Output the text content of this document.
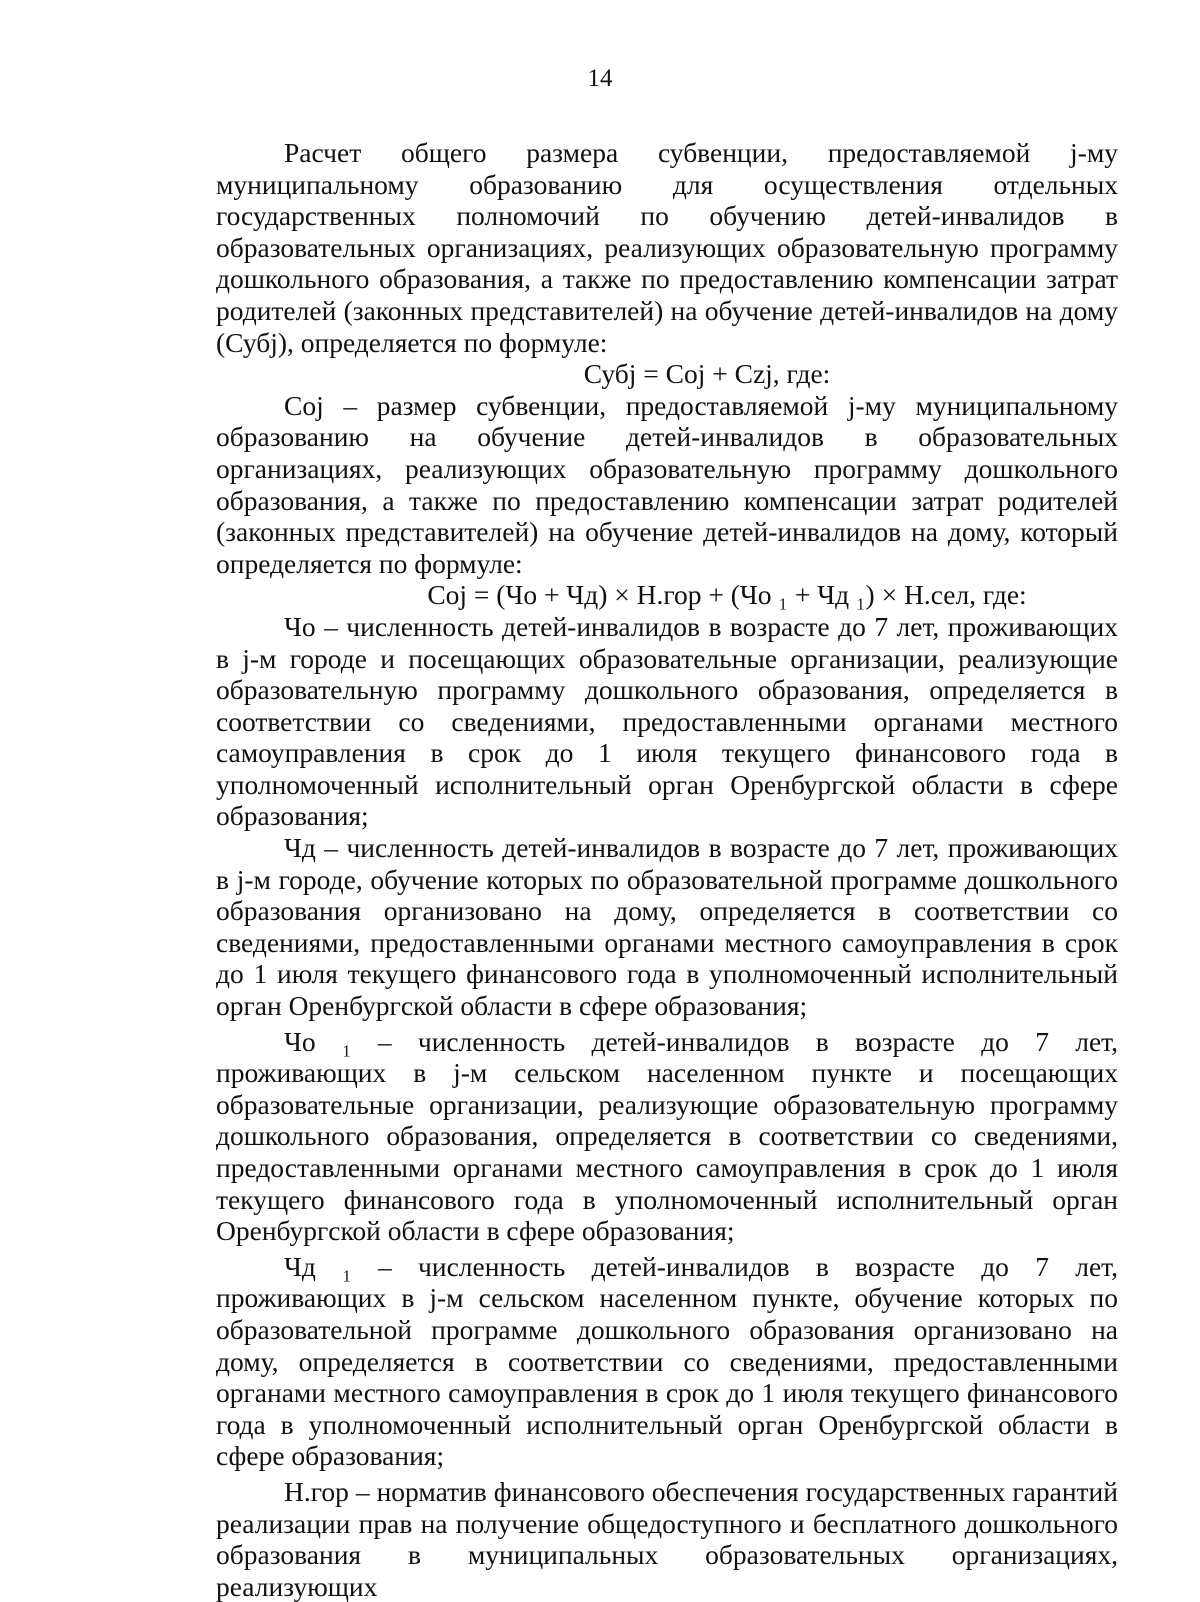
14

Расчет общего размера субвенции, предоставляемой j-му муниципальному образованию для осуществления отдельных государственных полномочий по обучению детей-инвалидов в образовательных организациях, реализующих образовательную программу дошкольного образования, а также по предоставлению компенсации затрат родителей (законных представителей) на обучение детей-инвалидов на дому (Субj), определяется по формуле:

Субj = Coj + Czj, где:

Coj – размер субвенции, предоставляемой j-му муниципальному образованию на обучение детей-инвалидов в образовательных организациях, реализующих образовательную программу дошкольного образования, а также по предоставлению компенсации затрат родителей (законных представителей) на обучение детей-инвалидов на дому, который определяется по формуле:

Coj = (Чо + Чд) × Н.гор + (Чо ₁ + Чд ₁) × Н.сел, где:

Чо – численность детей-инвалидов в возрасте до 7 лет, проживающих в j-м городе и посещающих образовательные организации, реализующие образовательную программу дошкольного образования, определяется в соответствии со сведениями, предоставленными органами местного самоуправления в срок до 1 июля текущего финансового года в уполномоченный исполнительный орган Оренбургской области в сфере образования;

Чд – численность детей-инвалидов в возрасте до 7 лет, проживающих в j-м городе, обучение которых по образовательной программе дошкольного образования организовано на дому, определяется в соответствии со сведениями, предоставленными органами местного самоуправления в срок до 1 июля текущего финансового года в уполномоченный исполнительный орган Оренбургской области в сфере образования;

Чо ₁ – численность детей-инвалидов в возрасте до 7 лет, проживающих в j-м сельском населенном пункте и посещающих образовательные организации, реализующие образовательную программу дошкольного образования, определяется в соответствии со сведениями, предоставленными органами местного самоуправления в срок до 1 июля текущего финансового года в уполномоченный исполнительный орган Оренбургской области в сфере образования;

Чд ₁ – численность детей-инвалидов в возрасте до 7 лет, проживающих в j-м сельском населенном пункте, обучение которых по образовательной программе дошкольного образования организовано на дому, определяется в соответствии со сведениями, предоставленными органами местного самоуправления в срок до 1 июля текущего финансового года в уполномоченный исполнительный орган Оренбургской области в сфере образования;

Н.гор – норматив финансового обеспечения государственных гарантий реализации прав на получение общедоступного и бесплатного дошкольного образования в муниципальных образовательных организациях, реализующих
